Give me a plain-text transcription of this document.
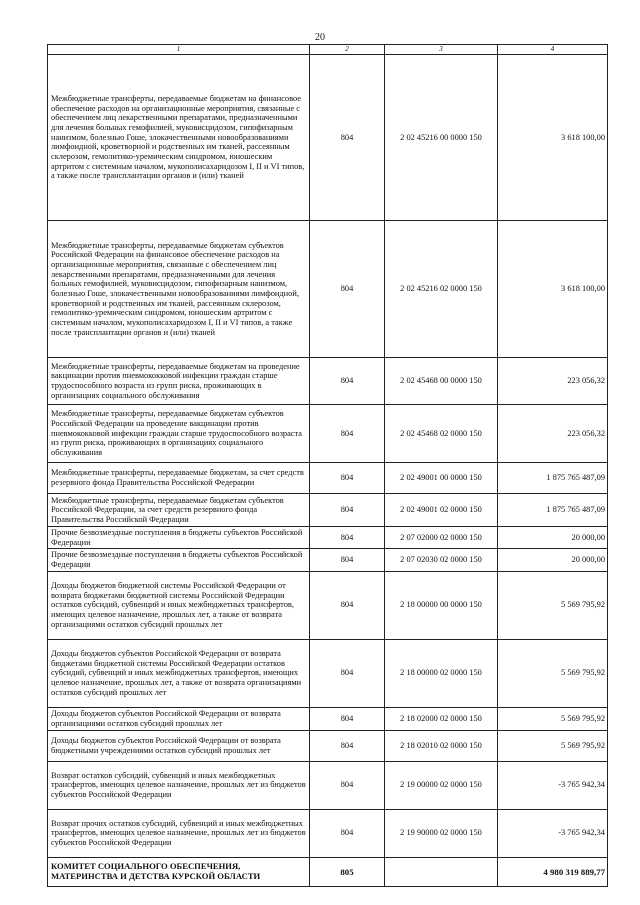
20
1	2	3	4
Межбюджетные трансферты, передаваемые бюджетам на финансовое обеспечение расходов на организационные мероприятия, связанные с обеспечением лиц лекарственными препаратами, предназначенными для лечения больных гемофилией, муковисцидозом, гипофизарным нанизмом, болезнью Гоше, злокачественными новообразованиями лимфоидной, кроветворной и родственных им тканей, рассеянным склерозом, гемолитико-уремическим синдромом, юношеским артритом с системным началом, мукополисахаридозом I, II и VI типов, а также после трансплантации органов и (или) тканей	804	2 02 45216 00 0000 150	3 618 100,00
Межбюджетные трансферты, передаваемые бюджетам субъектов Российской Федерации на финансовое обеспечение расходов на организационные мероприятия, связанные с обеспечением лиц лекарственными препаратами, предназначенными для лечения больных гемофилией, муковисцидозом, гипофизарным нанизмом, болезнью Гоше, злокачественными новообразованиями лимфоидной, кроветворной и родственных им тканей, рассеянным склерозом, гемолитико-уремическим синдромом, юношеским артритом с системным началом, мукополисахаридозом I, II и VI типов, а также после трансплантации органов и (или) тканей	804	2 02 45216 02 0000 150	3 618 100,00
Межбюджетные трансферты, передаваемые бюджетам на проведение вакцинации против пневмококковой инфекции граждан старше трудоспособного возраста из групп риска, проживающих в организациях социального обслуживания	804	2 02 45468 00 0000 150	223 056,32
Межбюджетные трансферты, передаваемые бюджетам субъектов Российской Федерации на проведение вакцинации против пневмококковой инфекции граждан старше трудоспособного возраста из групп риска, проживающих в организациях социального обслуживания	804	2 02 45468 02 0000 150	223 056,32
Межбюджетные трансферты, передаваемые бюджетам, за счет средств резервного фонда Правительства Российской Федерации	804	2 02 49001 00 0000 150	1 875 765 487,09
Межбюджетные трансферты, передаваемые бюджетам субъектов Российской Федерации, за счет средств резервного фонда Правительства Российской Федерации	804	2 02 49001 02 0000 150	1 875 765 487,09
Прочие безвозмездные поступления в бюджеты субъектов Российской Федерации	804	2 07 02000 02 0000 150	20 000,00
Прочие безвозмездные поступления в бюджеты субъектов Российской Федерации	804	2 07 02030 02 0000 150	20 000,00
Доходы бюджетов бюджетной системы Российской Федерации от возврата бюджетами бюджетной системы Российской Федерации остатков субсидий, субвенций и иных межбюджетных трансфертов, имеющих целевое назначение, прошлых лет, а также от возврата организациями остатков субсидий прошлых лет	804	2 18 00000 00 0000 150	5 569 795,92
Доходы бюджетов субъектов Российской Федерации от возврата бюджетами бюджетной системы Российской Федерации остатков субсидий, субвенций и иных межбюджетных трансфертов, имеющих целевое назначение, прошлых лет, а также от возврата организациями остатков субсидий прошлых лет	804	2 18 00000 02 0000 150	5 569 795,92
Доходы бюджетов субъектов Российской Федерации от возврата организациями остатков субсидий прошлых лет	804	2 18 02000 02 0000 150	5 569 795,92
Доходы бюджетов субъектов Российской Федерации от возврата бюджетными учреждениями остатков субсидий прошлых лет	804	2 18 02010 02 0000 150	5 569 795,92
Возврат остатков субсидий, субвенций и иных межбюджетных трансфертов, имеющих целевое назначение, прошлых лет из бюджетов субъектов Российской Федерации	804	2 19 00000 02 0000 150	-3 765 942,34
Возврат прочих остатков субсидий, субвенций и иных межбюджетных трансфертов, имеющих целевое назначение, прошлых лет из бюджетов субъектов Российской Федерации	804	2 19 90000 02 0000 150	-3 765 942,34
КОМИТЕТ СОЦИАЛЬНОГО ОБЕСПЕЧЕНИЯ, МАТЕРИНСТВА И ДЕТСТВА КУРСКОЙ ОБЛАСТИ	805		4 980 319 889,77
